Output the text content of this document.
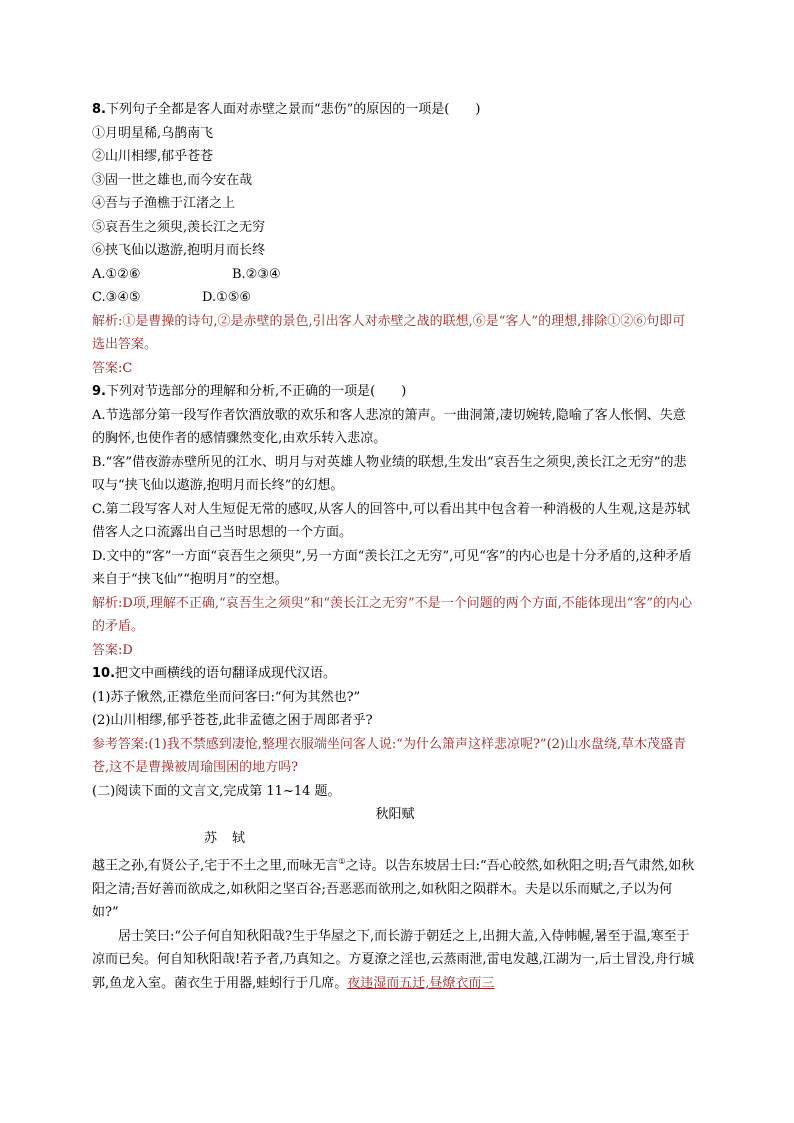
8.下列句子全都是客人面对赤壁之景而“悲伤”的原因的一项是(　　)
①月明星稀,乌鹊南飞
②山川相缪,郁乎苍苍
③固一世之雄也,而今安在哉
④吾与子渔樵于江渚之上
⑤哀吾生之须臾,羡长江之无穷
⑥挟飞仙以遨游,抱明月而长终
A.①②⑥	B.②③④
C.③④⑤	D.①⑤⑥
解析:①是曹操的诗句,②是赤壁的景色,引出客人对赤壁之战的联想,⑥是“客人”的理想,排除①②⑥句即可选出答案。
答案:C
9.下列对节选部分的理解和分析,不正确的一项是(　　)
A.节选部分第一段写作者饮酒放歌的欢乐和客人悲凉的箫声。一曲洞箫,凄切婉转,隐喻了客人怅惘、失意的胸怀,也使作者的感情骤然变化,由欢乐转入悲凉。
B.“客”借夜游赤壁所见的江水、明月与对英雄人物业绩的联想,生发出“哀吾生之须臾,羡长江之无穷”的悲叹与“挟飞仙以遨游,抱明月而长终”的幻想。
C.第二段写客人对人生短促无常的感叹,从客人的回答中,可以看出其中包含着一种消极的人生观,这是苏轼借客人之口流露出自己当时思想的一个方面。
D.文中的“客”一方面“哀吾生之须臾”,另一方面“羡长江之无穷”,可见“客”的内心也是十分矛盾的,这种矛盾来自于“挟飞仙”“抱明月”的空想。
解析:D项,理解不正确,“哀吾生之须臾”和“羡长江之无穷”不是一个问题的两个方面,不能体现出“客”的内心的矛盾。
答案:D
10.把文中画横线的语句翻译成现代汉语。
(1)苏子愀然,正襟危坐而问客曰:“何为其然也?”
(2)山川相缪,郁乎苍苍,此非孟德之困于周郎者乎?
参考答案:(1)我不禁感到凄怆,整理衣服端坐问客人说:“为什么箫声这样悲凉呢?”(2)山水盘绕,草木茂盛青苍,这不是曹操被周瑜围困的地方吗?
(二)阅读下面的文言文,完成第 11~14 题。
秋阳赋
苏　轼
越王之孙,有贤公子,宅于不土之里,而咏无言①之诗。以告东坡居士曰:“吾心皎然,如秋阳之明;吾气肃然,如秋阳之清;吾好善而欲成之,如秋阳之坚百谷;吾恶恶而欲刑之,如秋阳之陨群木。夫是以乐而赋之,子以为何如?”
居士笑曰:“公子何自知秋阳哉?生于华屋之下,而长游于朝廷之上,出拥大盖,入侍帏幄,暑至于温,寒至于凉而已矣。何自知秋阳哉!若予者,乃真知之。方夏潦之淫也,云蒸雨泄,雷电发越,江湖为一,后土冒没,舟行城郭,鱼龙入室。菌衣生于用器,蛙蚓行于几席。夜违湿而五迁,昼燎衣而三
